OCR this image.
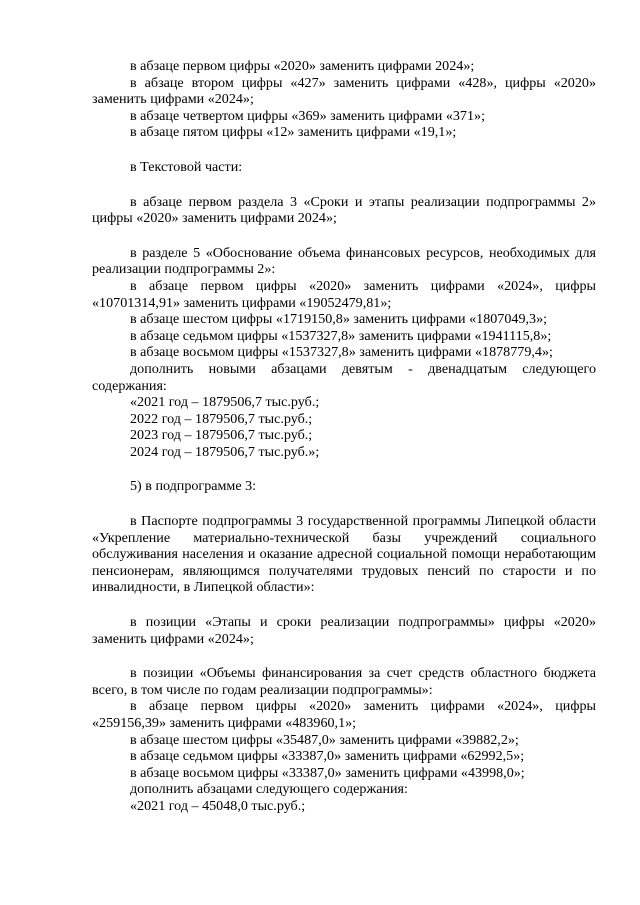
в абзаце первом цифры «2020» заменить цифрами 2024»;

в абзаце втором цифры «427» заменить цифрами «428», цифры «2020» заменить цифрами «2024»;

в абзаце четвертом цифры «369» заменить цифрами «371»;

в абзаце пятом цифры «12» заменить цифрами «19,1»;

в Текстовой части:

в абзаце первом раздела 3 «Сроки и этапы реализации подпрограммы 2» цифры «2020» заменить цифрами 2024»;

в разделе 5 «Обоснование объема финансовых ресурсов, необходимых для реализации подпрограммы 2»:

в абзаце первом цифры «2020» заменить цифрами «2024», цифры «10701314,91» заменить цифрами «19052479,81»;

в абзаце шестом цифры «1719150,8» заменить цифрами «1807049,3»;

в абзаце седьмом цифры «1537327,8» заменить цифрами «1941115,8»;

в абзаце восьмом цифры «1537327,8» заменить цифрами «1878779,4»;

дополнить новыми абзацами девятым - двенадцатым следующего содержания:

«2021 год – 1879506,7 тыс.руб.;

2022 год – 1879506,7 тыс.руб.;

2023 год – 1879506,7 тыс.руб.;

2024 год – 1879506,7 тыс.руб.»;

5) в подпрограмме 3:

в Паспорте подпрограммы 3 государственной программы Липецкой области «Укрепление материально-технической базы учреждений социального обслуживания населения и оказание адресной социальной помощи неработающим пенсионерам, являющимся получателями трудовых пенсий по старости и по инвалидности, в Липецкой области»:

в позиции «Этапы и сроки реализации подпрограммы» цифры «2020» заменить цифрами «2024»;

в позиции «Объемы финансирования за счет средств областного бюджета всего, в том числе по годам реализации подпрограммы»:

в абзаце первом цифры «2020» заменить цифрами «2024», цифры «259156,39» заменить цифрами «483960,1»;

в абзаце шестом цифры «35487,0» заменить цифрами «39882,2»;

в абзаце седьмом цифры «33387,0» заменить цифрами «62992,5»;

в абзаце восьмом цифры «33387,0» заменить цифрами «43998,0»;

дополнить абзацами следующего содержания:

«2021 год – 45048,0 тыс.руб.;
